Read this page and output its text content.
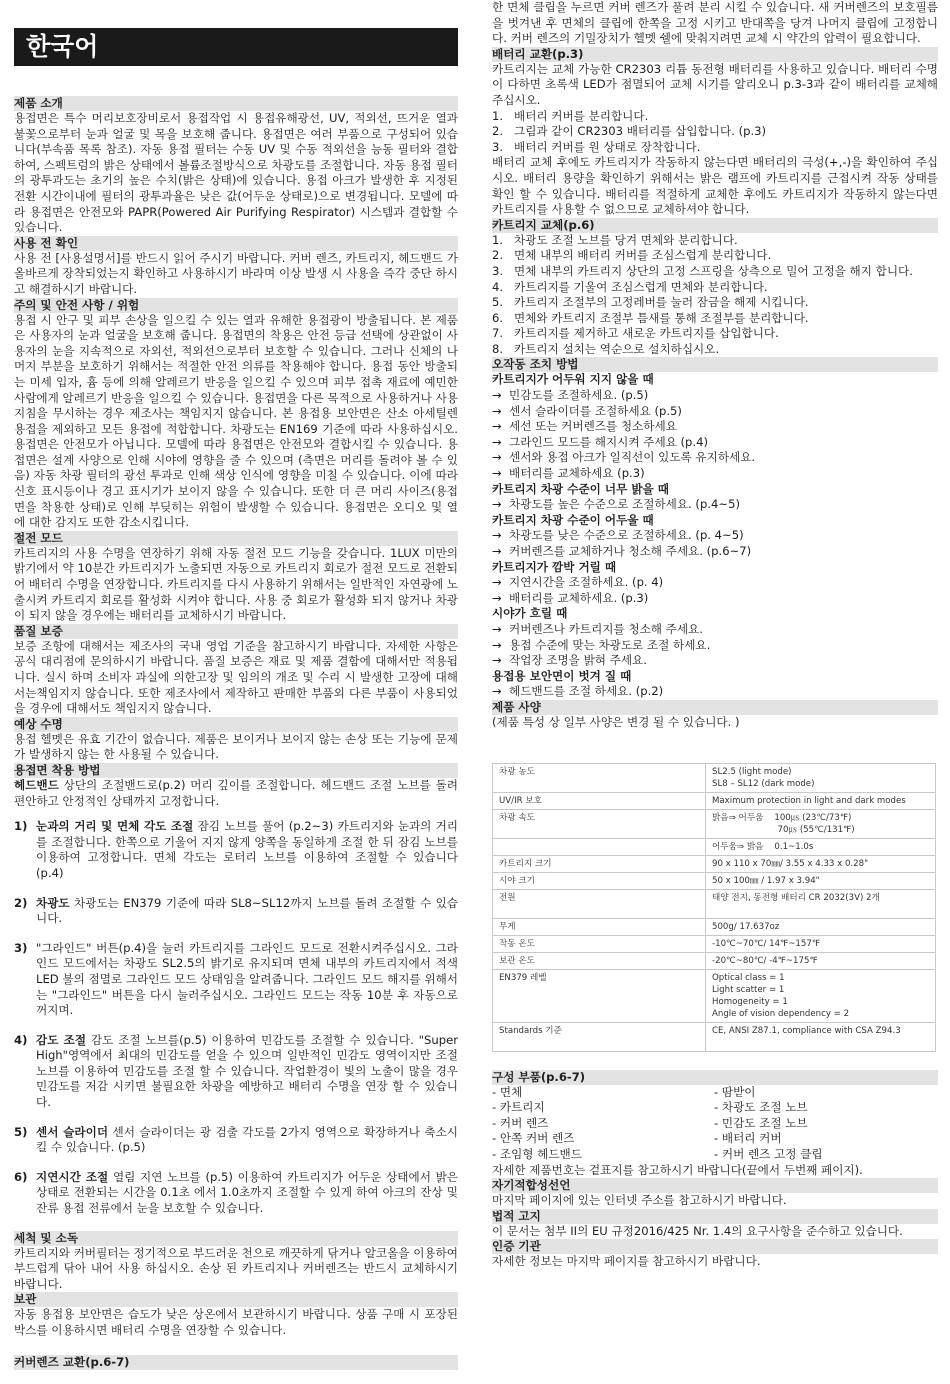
한국어
제품 소개

용접면은 특수 머리보호장비로서 용접작업 시 용접유해광선, UV, 적외선, 뜨거운 열과 불꽃으로부터 눈과 얼굴 및 목을 보호해 줍니다. 용접면은 여러 부품으로 구성되어 있습니다(부속품 목록 참조). 자동 용접 필터는 수동 UV 및 수동 적외선을 능동 필터와 결합하여, 스펙트럼의 밝은 상태에서 볼륨조절방식으로 차광도를 조절합니다. 자동 용접 필터의 광투과도는 초기의 높은 수치(밝은 상태)에 있습니다. 용접 아크가 발생한 후 지정된 전환 시간이내에 필터의 광투과율은 낮은 값(어두운 상태로)으로 변경됩니다. 모델에 따라 용접면은 안전모와 PAPR(Powered Air Purifying Respirator) 시스템과 결합할 수 있습니다.

사용 전 확인

사용 전 [사용설명서]를 반드시 읽어 주시기 바랍니다. 커버 렌즈, 카트리지, 헤드밴드 가 올바르게 장착되었는지 확인하고 사용하시기 바라며 이상 발생 시 사용을 즉각 중단 하시고 해결하시기 바랍니다.

주의 및 안전 사항 / 위험

용접 시 안구 및 피부 손상을 일으킬 수 있는 열과 유해한 용접광이 방출됩니다. 본 제품은 사용자의 눈과 얼굴을 보호해 줍니다. 용접면의 착용은 안전 등급 선택에 상관없이 사용자의 눈을 지속적으로 자외선, 적외선으로부터 보호할 수 있습니다. 그러나 신체의 나머지 부분을 보호하기 위해서는 적절한 안전 의류를 착용해야 합니다. 용접 동안 방출되는 미세 입자, 흄 등에 의해 알레르기 반응을 일으킬 수 있으며 피부 접촉 재료에 예민한 사람에게 알레르기 반응을 일으킬 수 있습니다. 용접면을 다른 목적으로 사용하거나 사용 지침을 무시하는 경우 제조사는 책임지지 않습니다. 본 용접용 보안면은 산소 아세틸렌 용접을 제외하고 모든 용접에 적합합니다. 차광도는 EN169 기준에 따라 사용하십시오. 용접면은 안전모가 아닙니다. 모델에 따라 용접면은 안전모와 결합시킬 수 있습니다. 용접면은 설계 사양으로 인해 시야에 영향을 줄 수 있으며 (측면은 머리를 돌려야 볼 수 있음) 자동 차광 필터의 광선 투과로 인해 색상 인식에 영향을 미칠 수 있습니다. 이에 따라 신호 표시등이나 경고 표시기가 보이지 않을 수 있습니다. 또한 더 큰 머리 사이즈(용접면을 착용한 상태)로 인해 부딪히는 위험이 발생할 수 있습니다. 용접면은 오디오 및 열에 대한 감지도 또한 감소시킵니다.

절전 모드

카트리지의 사용 수명을 연장하기 위해 자동 절전 모드 기능을 갖습니다. 1LUX 미만의 밝기에서 약 10분간 카트리지가 노출되면 자동으로 카트리지 회로가 절전 모드로 전환되어 배터리 수명을 연장합니다. 카트리지를 다시 사용하기 위해서는 일반적인 자연광에 노출시켜 카트리지 회로를 활성화 시켜야 합니다. 사용 중 회로가 활성화 되지 않거나 차광이 되지 않을 경우에는 배터리를 교체하시기 바랍니다.

품질 보증

보증 조항에 대해서는 제조사의 국내 영업 기준을 참고하시기 바랍니다. 자세한 사항은 공식 대리점에 문의하시기 바랍니다. 품질 보증은 재료 및 제품 결함에 대해서만 적용됩니다. 실시 하며 소비자 과실에 의한고장 및 임의의 개조 및 수리 시 발생한 고장에 대해서는책임지지 않습니다. 또한 제조사에서 제작하고 판매한 부품외 다른 부품이 사용되었을 경우에 대해서도 책임지지 않습니다.

예상 수명

용접 헬멧은 유효 기간이 없습니다. 제품은 보이거나 보이지 않는 손상 또는 기능에 문제가 발생하지 않는 한 사용될 수 있습니다.

용접면 착용 방법

헤드밴드 상단의 조절밴드로(p.2) 머리 깊이를 조절합니다. 헤드밴드 조절 노브를 돌려 편안하고 안정적인 상태까지 고정합니다.

1) 눈과의 거리 및 면체 각도 조절 잠김 노브를 풀어 (p.2~3) 카트리지와 눈과의 거리를 조절합니다. 한쪽으로 기울어 지지 않게 양쪽을 동일하게 조절 한 뒤 잠김 노브를 이용하여 고정합니다. 면체 각도는 로터리 노브를 이용하여 조절할 수 있습니다(p.4)
2) 차광도 차광도는 EN379 기준에 따라 SL8~SL12까지 노브를 돌려 조절할 수 있습니다.
3) "그라인드" 버튼(p.4)을 눌러 카트리지를 그라인드 모드로 전환시켜주십시오. 그라인드 모드에서는 차광도 SL2.5의 밝기로 유지되며 면체 내부의 카트리지에서 적색 LED 불의 점멸로 그라인드 모드 상태임을 알려줍니다. 그라인드 모드 해지를 위해서는 "그라인드" 버튼을 다시 눌러주십시오. 그라인드 모드는 작동 10분 후 자동으로 꺼지며.
4) 감도 조절 감도 조절 노브를(p.5) 이용하여 민감도를 조절할 수 있습니다. "Super High"영역에서 최대의 민감도를 얻을 수 있으며 일반적인 민감도 영역이지만 조절 노브를 이용하여 민감도를 조절 할 수 있습니다. 작업환경이 빛의 노출이 많을 경우 민감도를 저감 시키면 불필요한 차광을 예방하고 배터리 수명을 연장 할 수 있습니다.
5) 센서 슬라이더 센서 슬라이더는 광 검출 각도를 2가지 영역으로 확장하거나 축소시킬 수 있습니다. (p.5)
6) 지연시간 조절 열림 지연 노브를 (p.5) 이용하여 카트리지가 어두운 상태에서 밝은 상태로 전환되는 시간을 0.1초 에서 1.0초까지 조절할 수 있게 하여 아크의 잔상 및 잔류 용접 전류에서 눈을 보호할 수 있습니다.
세척 및 소독

카트리지와 커버필터는 정기적으로 부드러운 천으로 깨끗하게 닦거나 알코올을 이용하여 부드럽게 닦아 내어 사용 하십시오. 손상 된 카트리지나 커버렌즈는 반드시 교체하시기 바랍니다.

보관

자동 용접용 보안면은 습도가 낮은 상온에서 보관하시기 바랍니다. 상품 구매 시 포장된 박스를 이용하시면 배터리 수명을 연장할 수 있습니다.

커버렌즈 교환(p.6-7)

한 면체 클립을 누르면 커버 렌즈가 풀려 분리 시킬 수 있습니다. 새 커버렌즈의 보호필름을 벗겨낸 후 면체의 클립에 한쪽을 고정 시키고 반대쪽을 당겨 나머지 클립에 고정합니다. 커버 렌즈의 기밀장치가 헬멧 쉘에 맞춰지려면 교체 시 약간의 압력이 필요합니다.

배터리 교환(p.3)

카트리지는 교체 가능한 CR2303 리튬 동전형 배터리를 사용하고 있습니다. 배터리 수명이 다하면 초록색 LED가 점멸되어 교체 시기를 알리오니 p.3-3과 같이 배터리를 교체해 주십시오.

1. 배터리 커버를 분리합니다.
2. 그림과 같이 CR2303 배터리를 삽입합니다. (p.3)
3. 배터리 커버를 원 상태로 장착합니다.

배터리 교체 후에도 카트리지가 작동하지 않는다면 배터리의 극성(+,-)을 확인하여 주십시오. 배터리 용량을 확인하기 위해서는 밝은 램프에 카트리지를 근접시켜 작동 상태를 확인 할 수 있습니다. 배터리를 적절하게 교체한 후에도 카트리지가 작동하지 않는다면 카트리지를 사용할 수 없으므로 교체하셔야 합니다.

카트리지 교체(p.6)
1. 차광도 조절 노브를 당겨 면체와 분리합니다.
2. 면체 내부의 배터리 커버를 조심스럽게 분리합니다.
3. 면체 내부의 카트리지 상단의 고정 스프링을 상측으로 밀어 고정을 해지 합니다.
4. 카트리지를 기울여 조심스럽게 면체와 분리합니다.
5. 카트리지 조절부의 고정레버를 눌러 잠금을 해제 시킵니다.
6. 면체와 카트리지 조절부 틈새를 통해 조절부를 분리합니다.
7. 카트리지를 제거하고 새로운 카트리지를 삽입합니다.
8. 카트리지 설치는 역순으로 설치하십시오.
오작동 조치 방법
카트리지가 어두워 지지 않을 때
→ 민감도를 조절하세요. (p.5)
→ 센서 슬라이더를 조절하세요 (p.5)
→ 세선 또는 커버렌즈를 청소하세요
→ 그라인드 모드를 해지시켜 주세요 (p.4)
→ 센서와 용접 아크가 일직선이 있도록 유지하세요.
→ 배터리를 교체하세요 (p.3)
카트리지 차광 수준이 너무 밝을 때
→ 차광도를 높은 수준으로 조절하세요. (p.4~5)
카트리지 차광 수준이 어두울 때
→ 차광도를 낮은 수준으로 조절하세요. (p. 4~5)
→ 커버렌즈를 교체하거나 청소해 주세요. (p.6~7)
카트리지가 깜박 거릴 때
→ 지연시간을 조절하세요. (p. 4)
→ 배터리를 교체하세요. (p.3)
시야가 흐릴 때
→ 커버렌즈나 카트리지를 청소해 주세요.
→ 용접 수준에 맞는 차광도로 조절 하세요.
→ 작업장 조명을 밝혀 주세요.
용접용 보안면이 벗겨 질 때
→ 헤드밴드를 조절 하세요. (p.2)
제품 사양

(제품 특성 상 일부 사양은 변경 될 수 있습니다. )

차광 농도	SL2.5 (light mode)
SL8 – SL12 (dark mode)

UV/IR 보호	Maximum protection in light and dark modes

차광 속도	밝음⇒ 어두움    100㎲ (23℃/73℉)
70㎲ (55℃/131℉)

	어두움⇒ 밝음    0.1~1.0s

카트리지 크기	90 x 110 x 70㎜/ 3.55 x 4.33 x 0.28"

시야 크기	50 x 100㎜ / 1.97 x 3.94"

전원	태양 전지, 동전형 배터리 CR 2032(3V) 2개

무게	500g/ 17.637oz

작동 온도	-10℃~70℃/ 14℉~157℉

보관 온도	-20℃~80℃/ -4℉~175℉

EN379 레벨	Optical class = 1
Light scatter = 1
Homogeneity = 1
Angle of vision dependency = 2

Standards 기준	CE, ANSI Z87.1, compliance with CSA Z94.3

구성 부품(p.6-7)
- 면체	- 땀받이
- 카트리지	- 차광도 조절 노브
- 커버 렌즈	- 민감도 조절 노브
- 안쪽 커버 렌즈	- 배터리 커버
- 조임형 헤드밴드	- 커버 렌즈 고정 클립

자세한 제품번호는 겉표지를 참고하시기 바랍니다(끝에서 두번째 페이지).

자기적합성선언

마지막 페이지에 있는 인터넷 주소를 참고하시기 바랍니다.

법적 고지

이 문서는 첨부 II의 EU 규정2016/425 Nr. 1.4의 요구사항을 준수하고 있습니다.

인증 기관

자세한 정보는 마지막 페이지를 참고하시기 바랍니다.
